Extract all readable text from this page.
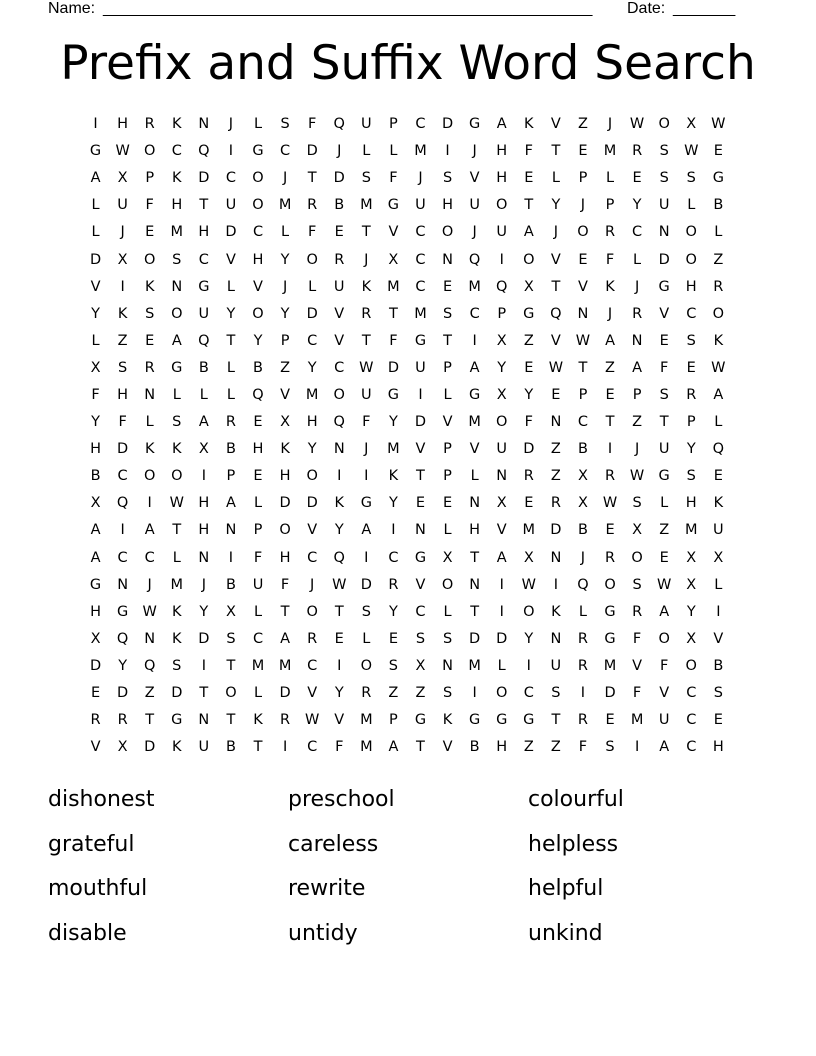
Name: _______________________________________________________ Date: _______
Prefix and Suffix Word Search
I	H	R	K	N	J	L	S	F	Q	U	P	C	D	G	A	K	V	Z	J	W O	X	W
G W O	C	Q	I	G	C	D	J	L	L	M	I	J	H	F	T	E	M	R	S	W	E
A	X	P	K	D	C	O	J	T	D	S	F	J	S	V	H	E	L	P	L	E	S	S	G
L	U	F	H	T	U	O	M	R	B	M	G	U	H	U	O	T	Y	J	P	Y	U	L	B
L	J	E	M	H	D	C	L	F	E	T	V	C	O	J	U	A	J	O	R	C	N	O	L
D	X	O	S	C	V	H	Y	O	R	J	X	C	N	Q	I	O	V	E	F	L	D	O	Z
V	I	K	N	G	L	V	J	L	U	K	M	C	E	M	Q	X	T	V	K	J	G	H	R
Y	K	S	O	U	Y	O	Y	D	V	R	T	M	S	C	P	G	Q	N	J	R	V	C	O
L	Z	E	A	Q	T	Y	P	C	V	T	F	G	T	I	X	Z	V	W	A	N	E	S	K
X	S	R	G	B	L	B	Z	Y	C	W D	U	P	A	Y	E	W	T	Z	A	F	E	W
F	H	N	L	L	L	Q	V	M	O	U	G	I	L	G	X	Y	E	P	E	P	S	R	A
Y	F	L	S	A	R	E	X	H	Q	F	Y	D	V	M	O	F	N	C	T	Z	T	P	L
H	D	K	K	X	B	H	K	Y	N	J	M	V	P	V	U	D	Z	B	I	J	U	Y	Q
B	C	O	O	I	P	E	H	O	I	I	K	T	P	L	N	R	Z	X	R	W G	S	E
X	Q	I	W H	A	L	D	D	K	G	Y	E	E	N	X	E	R	X	W	S	L	H	K
A	I	A	T	H	N	P	O	V	Y	A	I	N	L	H	V	M	D	B	E	X	Z	M	U
A	C	C	L	N	I	F	H	C	Q	I	C	G	X	T	A	X	N	J	R	O	E	X	X
G	N	J	M	J	B	U	F	J	W D	R	V	O	N	I	W	I	Q	O	S	W	X	L
H	G W	K	Y	X	L	T	O	T	S	Y	C	L	T	I	O	K	L	G	R	A	Y	I
X	Q	N	K	D	S	C	A	R	E	L	E	S	S	D	D	Y	N	R	G	F	O	X	V
D	Y	Q	S	I	T	M	M	C	I	O	S	X	N	M	L	I	U	R	M	V	F	O	B
E	D	Z	D	T	O	L	D	V	Y	R	Z	Z	S	I	O	C	S	I	D	F	V	C	S
R	R	T	G	N	T	K	R	W	V	M	P	G	K	G	G	G	T	R	E	M	U	C	E
V	X	D	K	U	B	T	I	C	F	M	A	T	V	B	H	Z	Z	F	S	I	A	C	H
dishonest	preschool	colourful
grateful	careless	helpless
mouthful	rewrite	helpful
disable	untidy	unkind
